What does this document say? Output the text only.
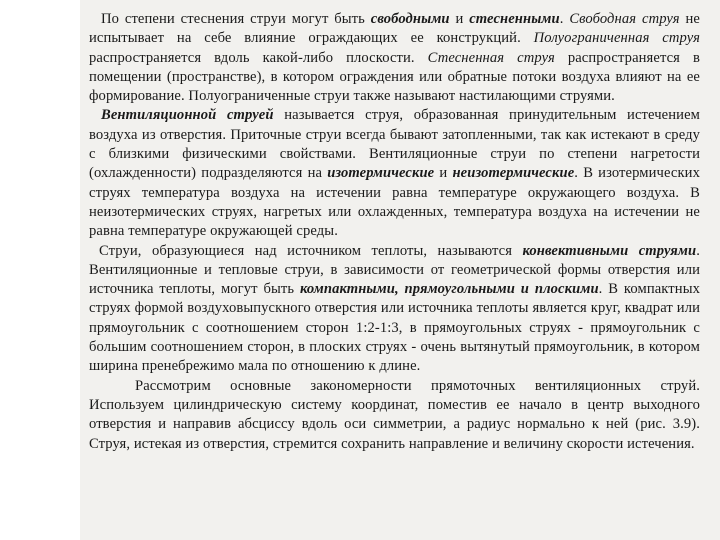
По степени стеснения струи могут быть свободными и стесненными. Свободная струя не испытывает на себе влияние ограждающих ее конструкций. Полуограниченная струя распространяется вдоль какой-либо плоскости. Стесненная струя распространяется в помещении (пространстве), в котором ограждения или обратные потоки воздуха влияют на ее формирование. Полуограниченные струи также называют настилающими струями.

Вентиляционной струей называется струя, образованная принудительным истечением воздуха из отверстия. Приточные струи всегда бывают затопленными, так как истекают в среду с близкими физическими свойствами. Вентиляционные струи по степени нагретости (охлажденности) подразделяются на изотермические и неизотермические. В изотермических струях температура воздуха на истечении равна температуре окружающего воздуха. В неизотермических струях, нагретых или охлажденных, температура воздуха на истечении не равна температуре окружающей среды.

Струи, образующиеся над источником теплоты, называются конвективными струями. Вентиляционные и тепловые струи, в зависимости от геометрической формы отверстия или источника теплоты, могут быть компактными, прямоугольными и плоскими. В компактных струях формой воздуховыпускного отверстия или источника теплоты является круг, квадрат или прямоугольник с соотношением сторон 1:2-1:3, в прямоугольных струях - прямоугольник с большим соотношением сторон, в плоских струях - очень вытянутый прямоугольник, в котором ширина пренебрежимо мала по отношению к длине.

Рассмотрим основные закономерности прямоточных вентиляционных струй. Используем цилиндрическую систему координат, поместив ее начало в центр выходного отверстия и направив абсциссу вдоль оси симметрии, а радиус нормально к ней (рис. 3.9). Струя, истекая из отверстия, стремится сохранить направление и величину скорости истечения.
